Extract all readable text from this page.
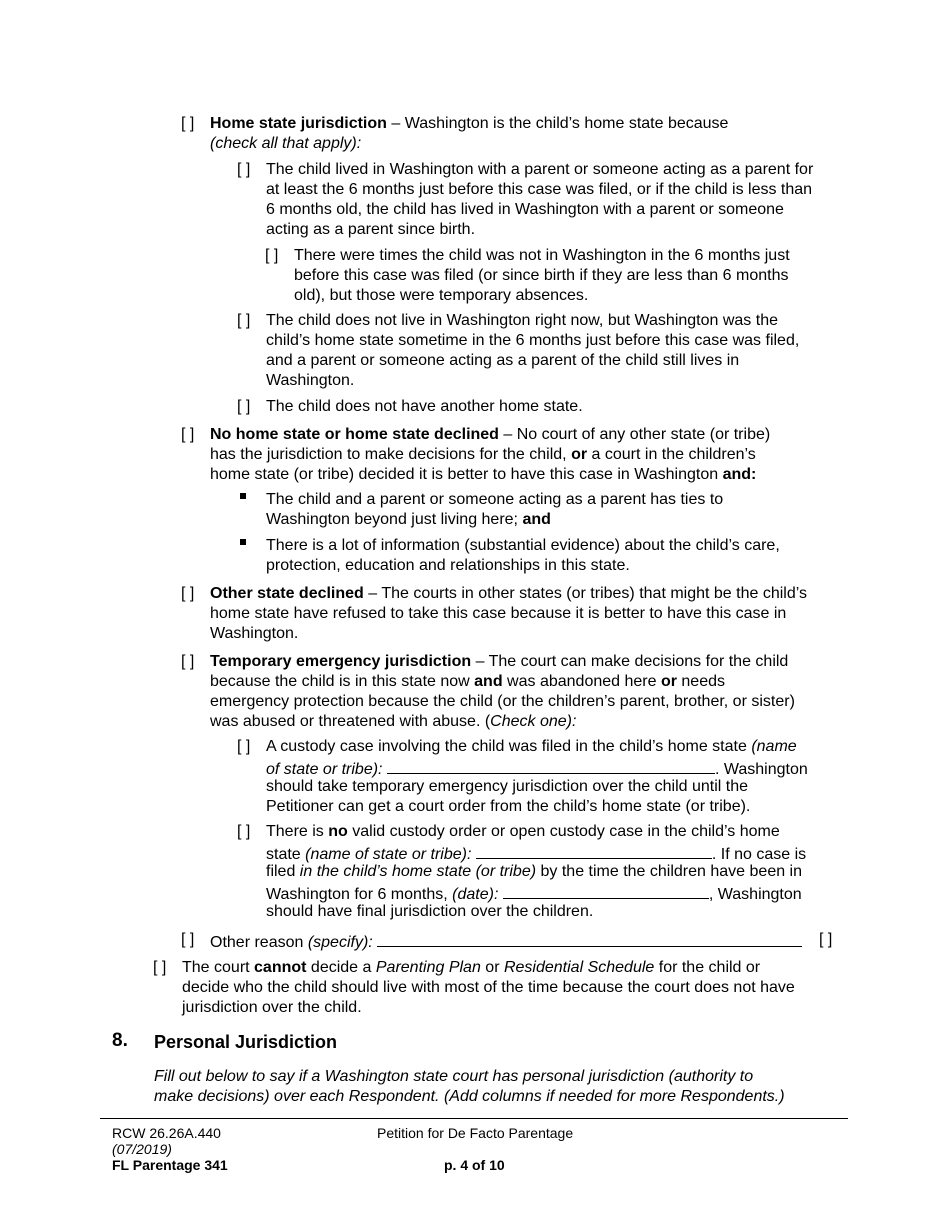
[ ] Home state jurisdiction – Washington is the child’s home state because
(check all that apply):
[ ] The child lived in Washington with a parent or someone acting as a parent for
at least the 6 months just before this case was filed, or if the child is less than
6 months old, the child has lived in Washington with a parent or someone
acting as a parent since birth.
[ ] There were times the child was not in Washington in the 6 months just
before this case was filed (or since birth if they are less than 6 months
old), but those were temporary absences.
[ ] The child does not live in Washington right now, but Washington was the
child’s home state sometime in the 6 months just before this case was filed,
and a parent or someone acting as a parent of the child still lives in
Washington.
[ ] The child does not have another home state.
[ ] No home state or home state declined – No court of any other state (or tribe)
has the jurisdiction to make decisions for the child, or a court in the children’s
home state (or tribe) decided it is better to have this case in Washington and:
The child and a parent or someone acting as a parent has ties to
Washington beyond just living here; and
There is a lot of information (substantial evidence) about the child’s care,
protection, education and relationships in this state.
[ ] Other state declined – The courts in other states (or tribes) that might be the child’s
home state have refused to take this case because it is better to have this case in
Washington.
[ ] Temporary emergency jurisdiction – The court can make decisions for the child
because the child is in this state now and was abandoned here or needs
emergency protection because the child (or the children’s parent, brother, or sister)
was abused or threatened with abuse. (Check one):
[ ] A custody case involving the child was filed in the child’s home state (name
of state or tribe):	. Washington
should take temporary emergency jurisdiction over the child until the
Petitioner can get a court order from the child’s home state (or tribe).
[ ] There is no valid custody order or open custody case in the child’s home
state (name of state or tribe):	. If no case is
filed in the child’s home state (or tribe) by the time the children have been in
Washington for 6 months, (date):	, Washington
should have final jurisdiction over the children.
[ ] Other reason (specify):	[ ]
[ ] The court cannot decide a Parenting Plan or Residential Schedule for the child or
decide who the child should live with most of the time because the court does not have
jurisdiction over the child.
8. Personal Jurisdiction
Fill out below to say if a Washington state court has personal jurisdiction (authority to
make decisions) over each Respondent. (Add columns if needed for more Respondents.)
RCW 26.26A.440
(07/2019)
FL Parentage 341
Petition for De Facto Parentage
p. 4 of 10
